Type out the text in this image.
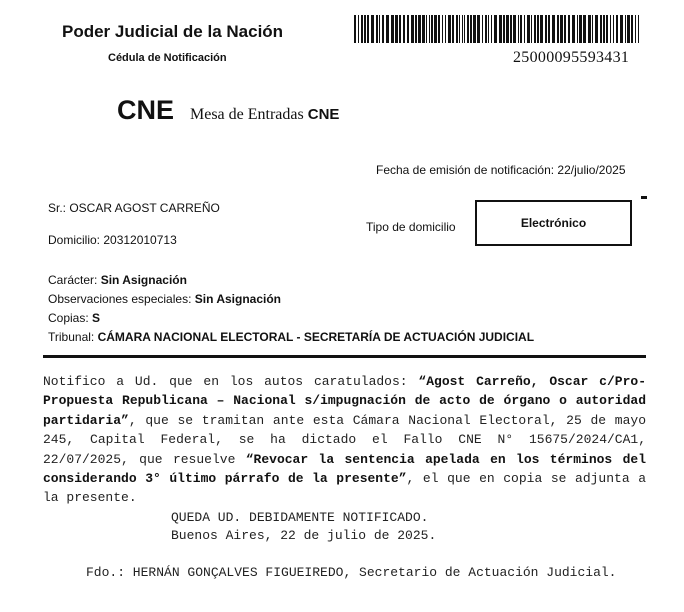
Poder Judicial de la Nación
Cédula de Notificación	25000095593431
CNE Mesa de Entradas CNE
Fecha de emisión de notificación: 22/julio/2025
Sr.: OSCAR AGOST CARREÑO
Domicilio: 20312010713
Tipo de domicilio	Electrónico
Carácter: Sin Asignación
Observaciones especiales: Sin Asignación
Copias: S
Tribunal: CÁMARA NACIONAL ELECTORAL - SECRETARÍA DE ACTUACIÓN JUDICIAL
Notifico a Ud. que en los autos caratulados: “Agost Carreño, Oscar c/Pro-Propuesta Republicana – Nacional s/impugnación de acto de órgano o autoridad partidaria”, que se tramitan ante esta Cámara Nacional Electoral, 25 de mayo 245, Capital Federal, se ha dictado el Fallo CNE N° 15675/2024/CA1, 22/07/2025, que resuelve “Revocar la sentencia apelada en los términos del considerando 3° último párrafo de la presente”, el que en copia se adjunta a la presente.
QUEDA UD. DEBIDAMENTE NOTIFICADO.
Buenos Aires, 22 de julio de 2025.
Fdo.: HERNÁN GONÇALVES FIGUEIREDO, Secretario de Actuación Judicial.
